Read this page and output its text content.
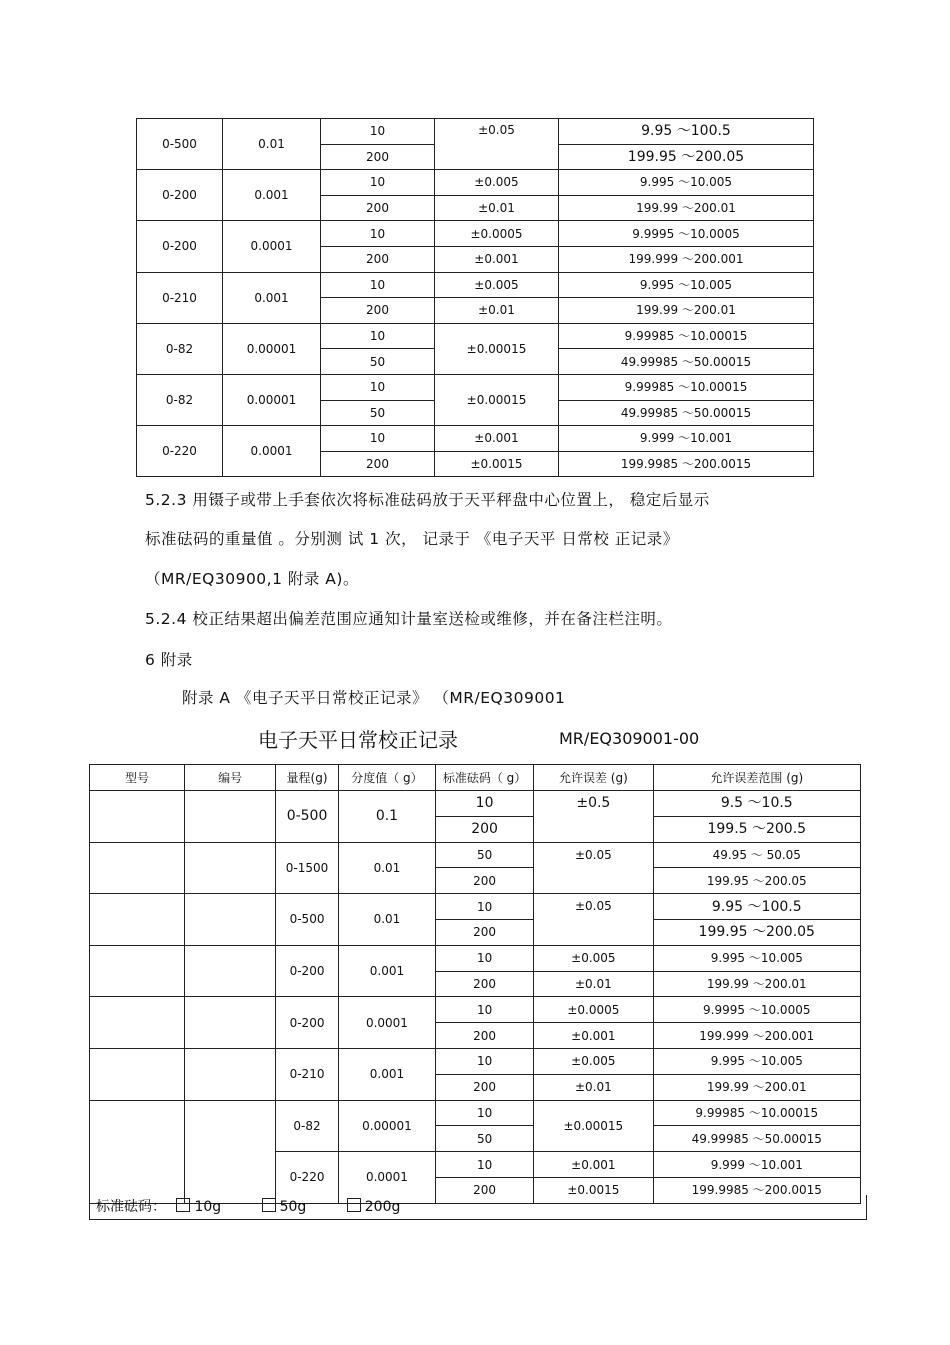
0-500	0.01	10	±0.05	9.95 ～100.5
		200		199.95 ～200.05
0-200	0.001	10	±0.005	9.995 ～10.005
		200	±0.01	199.99 ～200.01
0-200	0.0001	10	±0.0005	9.9995 ～10.0005
		200	±0.001	199.999 ～200.001
0-210	0.001	10	±0.005	9.995 ～10.005
		200	±0.01	199.99 ～200.01
0-82	0.00001	10	±0.00015	9.99985 ～10.00015
		50		49.99985 ～50.00015
0-82	0.00001	10	±0.00015	9.99985 ～10.00015
		50		49.99985 ～50.00015
0-220	0.0001	10	±0.001	9.999 ～10.001
		200	±0.0015	199.9985 ～200.0015
5.2.3 用镊子或带上手套依次将标准砝码放于天平秤盘中心位置上， 稳定后显示
标准砝码的重量值 。分别测 试 1 次， 记录于 《电子天平 日常校 正记录》
（MR/EQ30900,1 附录 A)。
5.2.4 校正结果超出偏差范围应通知计量室送检或维修，并在备注栏注明。
6 附录
附录 A 《电子天平日常校正记录》 （MR/EQ309001
电子天平日常校正记录	MR/EQ309001-00
型号	编号	量程(g)	分度值（ g）	标准砝码（ g）	允许误差 (g)	允许误差范围 (g)
		0-500	0.1	10	±0.5	9.5 ～10.5
				200		199.5 ～200.5
		0-1500	0.01	50	±0.05	49.95 ～ 50.05
				200		199.95 ～200.05
		0-500	0.01	10	±0.05	9.95 ～100.5
				200		199.95 ～200.05
		0-200	0.001	10	±0.005	9.995 ～10.005
				200	±0.01	199.99 ～200.01
		0-200	0.0001	10	±0.0005	9.9995 ～10.0005
				200	±0.001	199.999 ～200.001
		0-210	0.001	10	±0.005	9.995 ～10.005
				200	±0.01	199.99 ～200.01
		0-82	0.00001	10	±0.00015	9.99985 ～10.00015
				50		49.99985 ～50.00015
		0-220	0.0001	10	±0.001	9.999 ～10.001
				200	±0.0015	199.9985 ～200.0015
标准砝码： 10g	50g	200g
